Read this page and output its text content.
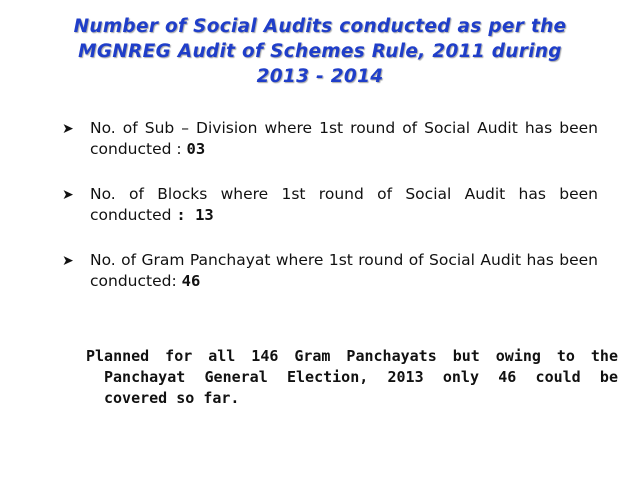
Number of Social Audits conducted as per the
MGNREG Audit of Schemes Rule, 2011 during
2013 - 2014
➤ No. of Sub – Division where 1st round of Social Audit has been conducted : 03
➤ No. of Blocks where 1st round of Social Audit has been conducted : 13
➤ No. of Gram Panchayat where 1st round of Social Audit has been conducted: 46
Planned for all 146 Gram Panchayats but owing to the Panchayat General Election, 2013 only 46 could be covered so far.
